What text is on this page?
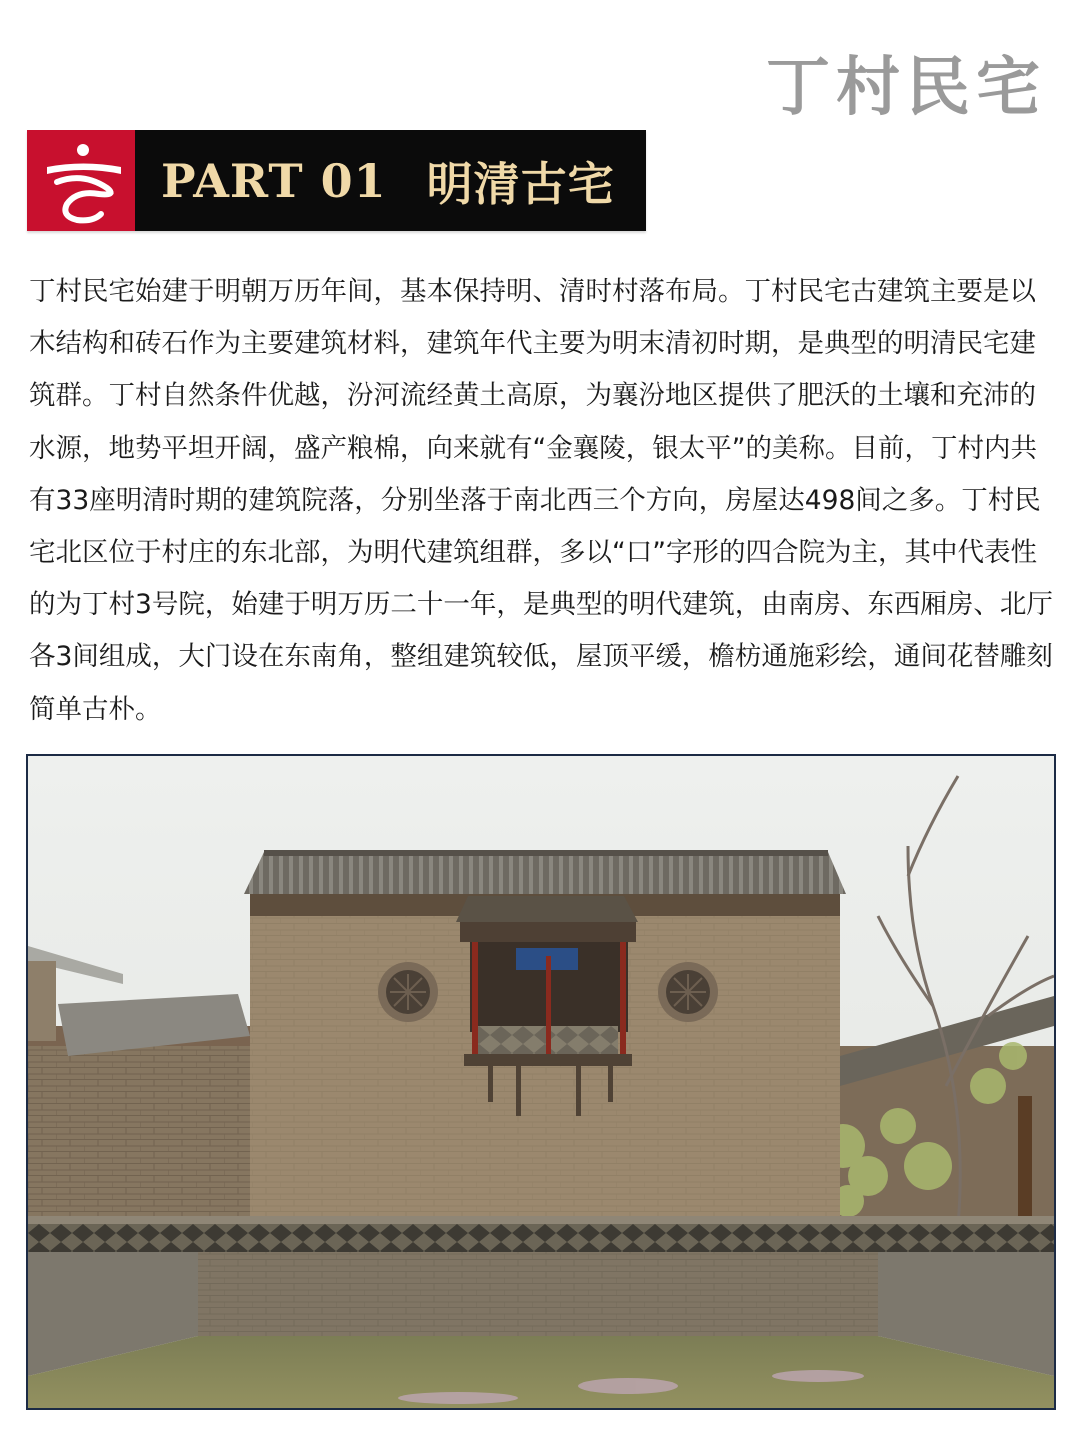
丁村民宅
PART 01 明清古宅

丁村民宅始建于明朝万历年间，基本保持明、清时村落布局。丁村民宅古建筑主要是以木结构和砖石作为主要建筑材料，建筑年代主要为明末清初时期，是典型的明清民宅建筑群。丁村自然条件优越，汾河流经黄土高原，为襄汾地区提供了肥沃的土壤和充沛的水源，地势平坦开阔，盛产粮棉，向来就有“金襄陵，银太平”的美称。目前，丁村内共有33座明清时期的建筑院落，分别坐落于南北西三个方向，房屋达498间之多。丁村民宅北区位于村庄的东北部，为明代建筑组群，多以“口”字形的四合院为主，其中代表性的为丁村3号院，始建于明万历二十一年，是典型的明代建筑，由南房、东西厢房、北厅各3间组成，大门设在东南角，整组建筑较低，屋顶平缓，檐枋通施彩绘，通间花替雕刻简单古朴。
